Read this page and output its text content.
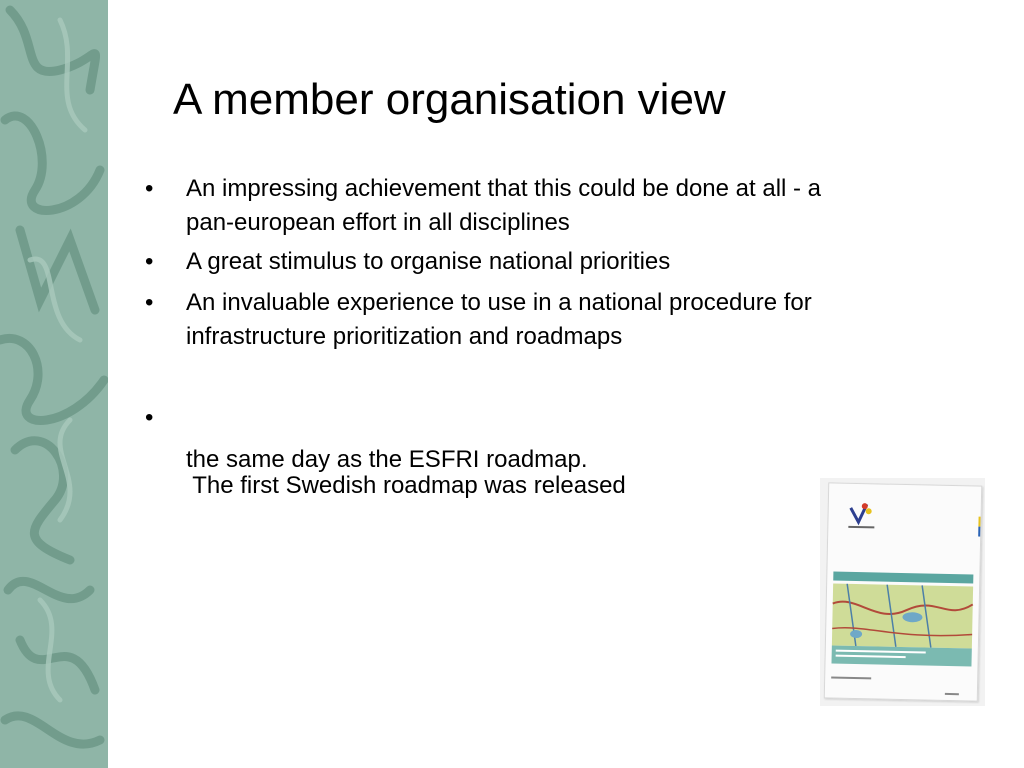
A member organisation view
•	An impressing achievement that this could be done at all - a
pan-european effort in all disciplines
•	A great stimulus to organise national priorities
•	An invaluable experience to use in a national procedure for
infrastructure prioritization and roadmaps
•

The first Swedish roadmap was released

the same day as the ESFRI roadmap.
